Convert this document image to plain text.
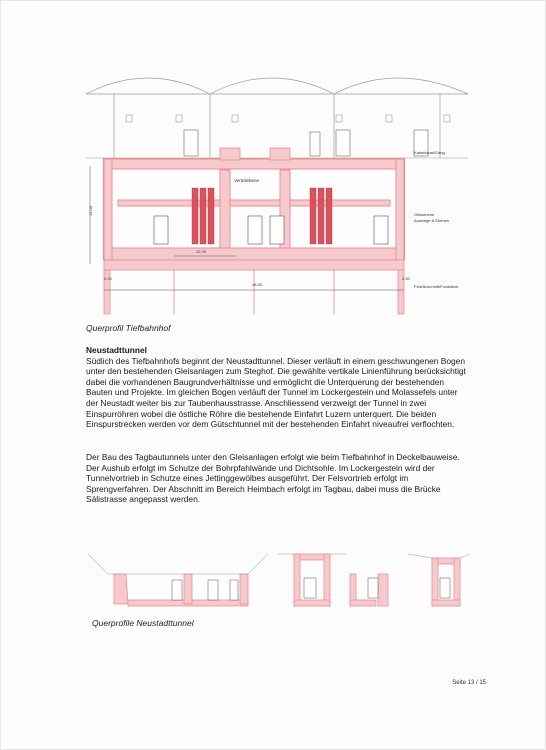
Verteilebene
Kabelkanal/Gang
Gleisebene
Auswege & Ebenen
Fels/Abschnitt/Fundation
18.50
12.00
2.20	2.20
12.00
Querprofil Tiefbahnhof
Neustadttunnel
Südlich des Tiefbahnhofs beginnt der Neustadttunnel. Dieser verläuft in einem geschwungenen Bogen unter den bestehenden Gleisanlagen zum Steghof. Die gewählte vertikale Linienführung berücksichtigt dabei die vorhandenen Baugrundverhältnisse und ermöglicht die Unterquerung der bestehenden Bauten und Projekte. Im gleichen Bogen verläuft der Tunnel im Lockergestein und Molassefels unter der Neustadt weiter bis zur Taubenhausstrasse. Anschliessend verzweigt der Tunnel in zwei Einspurröhren wobei die östliche Röhre die bestehende Einfahrt Luzern unterquert. Die beiden Einspurstrecken werden vor dem Gütschtunnel mit der bestehenden Einfahrt niveaufrei verflochten.
Der Bau des Tagbautunnels unter den Gleisanlagen erfolgt wie beim Tiefbahnhof in Deckelbauweise. Der Aushub erfolgt im Schutze der Bohrpfahlwände und Dichtsohle. Im Lockergestein wird der Tunnelvortrieb in Schutze eines Jettinggewölbes ausgeführt. Der Felsvortrieb erfolgt im Sprengverfahren. Der Abschnitt im Bereich Heimbach erfolgt im Tagbau, dabei muss die Brücke Sälistrasse angepasst werden.
Querprofile Neustadttunnel
Seite 13 / 15
